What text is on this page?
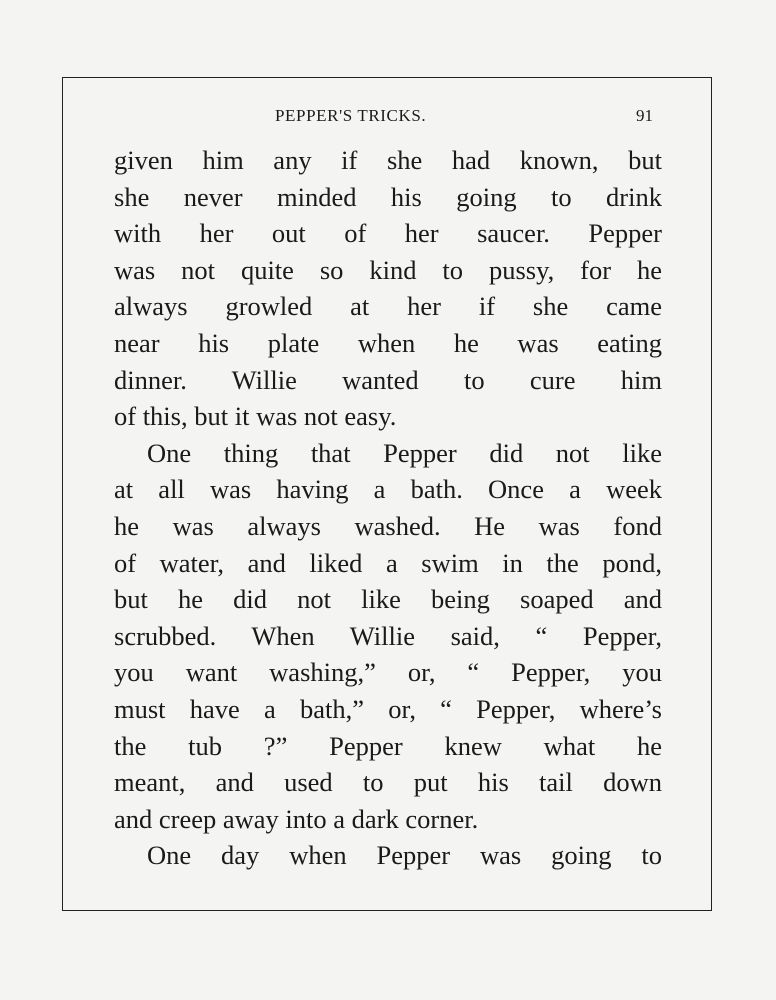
PEPPER'S TRICKS.	91
given him any if she had known, but
she never minded his going to drink
with her out of her saucer. Pepper
was not quite so kind to pussy, for he
always growled at her if she came
near his plate when he was eating
dinner. Willie wanted to cure him
of this, but it was not easy.
One thing that Pepper did not like
at all was having a bath. Once a week
he was always washed. He was fond
of water, and liked a swim in the pond,
but he did not like being soaped and
scrubbed. When Willie said, “ Pepper,
you want washing,” or, “ Pepper, you
must have a bath,” or, “ Pepper, where’s
the tub ?” Pepper knew what he
meant, and used to put his tail down
and creep away into a dark corner.
One day when Pepper was going to
